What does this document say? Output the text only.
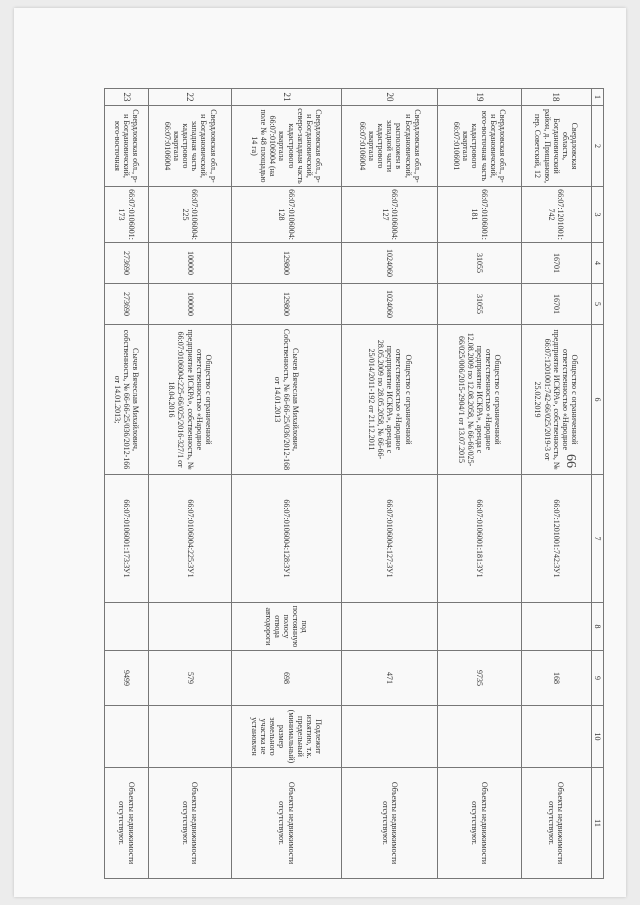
66
1	2	3	4	5	6	7	8	9	10	11
18	Свердловская область, Богдановичский район, д. Прищаново, пер. Советский, 12	66:07:1201001:742	16701	16701	Общество с ограниченной ответственностью «Народное предприятие ИСКРА», собственность, № 66:07:1201001:742-66/025/2019-3 от 25.02.2019	66:07:1201001:742:ЗУ1		168		Объекты недвижимости отсутствуют.
19	Свердловская обл., р-н Богдановичский, юго-восточная часть кадастрового квартала 66:07:0106001	66:07:0106001:181	31055	31055	Общество с ограниченной ответственностью «Народное предприятие ИСКРА», аренда с 12.08.2009 по 12.08.2058, № 66-66/025-66/025/006/2015-2904/1 от 13.07.2015	66:07:0106001:181:ЗУ1		9735		Объекты недвижимости отсутствуют.
20	Свердловская обл., р-н Богдановичский, расположен в западной части кадастрового квартала 66:07:0106004	66:07:0106004:127	1024060	1024060	Общество с ограниченной ответственностью «Народное предприятие ИСКРА», аренда с 28.05.2009 по 28.05.2058, № 66-66-25/014/2011-192 от 21.12.2011	66:07:0106004:127:ЗУ1		471		Объекты недвижимости отсутствуют.
21	Свердловская обл., р-н Богдановичский, северо-западная часть кадастрового квартала 66:07:0106004 (на поле № 48 площадью 14 га)	66:07:0106004:128	129800	129800	Сычев Вячеслав Михайлович, Собственность, № 66-66-25/036/2012-168 от 14.01.2013	66:07:0106004:128:ЗУ1	под постоянную полосу отвода автодороги	698	Подлежит изъятию, т.к. предельный (минимальный) размер земельного участка не установлен	Объекты недвижимости отсутствуют.
22	Свердловская обл., р-н Богдановичский, западная часть кадастрового квартала 66:07:0106004	66:07:0106004:225	100000	100000	Общество с ограниченной ответственностью «Народное предприятие ИСКРА», собственность, № 66:07:0106004:225-66/025/2016-327/1 от 18.04.2016	66:07:0106004:225:ЗУ1		579		Объекты недвижимости отсутствуют.
23	Свердловская обл., р-н Богдановичский, юго-восточная	66:07:0106001:173	273690	273690	Сычев Вячеслав Михайлович, собственность, № 66-66-25/036/2012-166 от 14.01.2013;	66:07:0106001:173:ЗУ1		9499		Объекты недвижимости отсутствуют.
